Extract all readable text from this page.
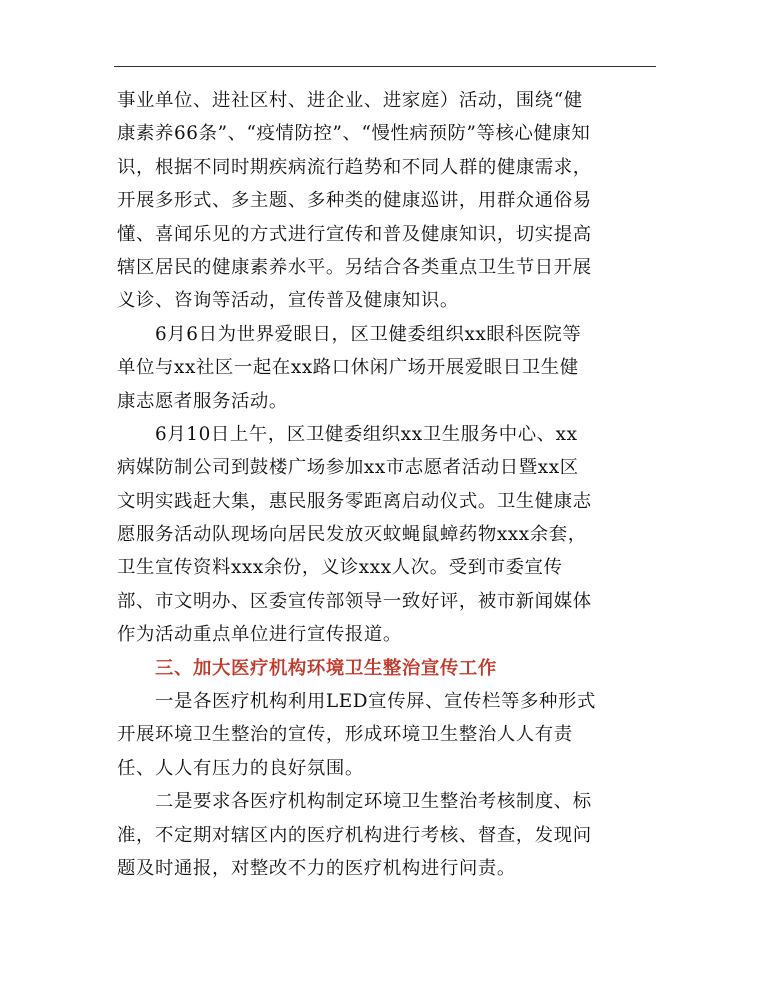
事业单位、进社区村、进企业、进家庭）活动，围绕“健
康素养66条”、“疫情防控”、“慢性病预防”等核心健康知
识，根据不同时期疾病流行趋势和不同人群的健康需求，
开展多形式、多主题、多种类的健康巡讲，用群众通俗易
懂、喜闻乐见的方式进行宣传和普及健康知识，切实提高
辖区居民的健康素养水平。另结合各类重点卫生节日开展
义诊、咨询等活动，宣传普及健康知识。
6月6日为世界爱眼日，区卫健委组织xx眼科医院等
单位与xx社区一起在xx路口休闲广场开展爱眼日卫生健
康志愿者服务活动。
6月10日上午，区卫健委组织xx卫生服务中心、xx
病媒防制公司到鼓楼广场参加xx市志愿者活动日暨xx区
文明实践赶大集，惠民服务零距离启动仪式。卫生健康志
愿服务活动队现场向居民发放灭蚊蝇鼠蟑药物xxx余套，
卫生宣传资料xxx余份，义诊xxx人次。受到市委宣传
部、市文明办、区委宣传部领导一致好评，被市新闻媒体
作为活动重点单位进行宣传报道。
三、加大医疗机构环境卫生整治宣传工作
一是各医疗机构利用LED宣传屏、宣传栏等多种形式
开展环境卫生整治的宣传，形成环境卫生整治人人有责
任、人人有压力的良好氛围。
二是要求各医疗机构制定环境卫生整治考核制度、标
准，不定期对辖区内的医疗机构进行考核、督查，发现问
题及时通报，对整改不力的医疗机构进行问责。
